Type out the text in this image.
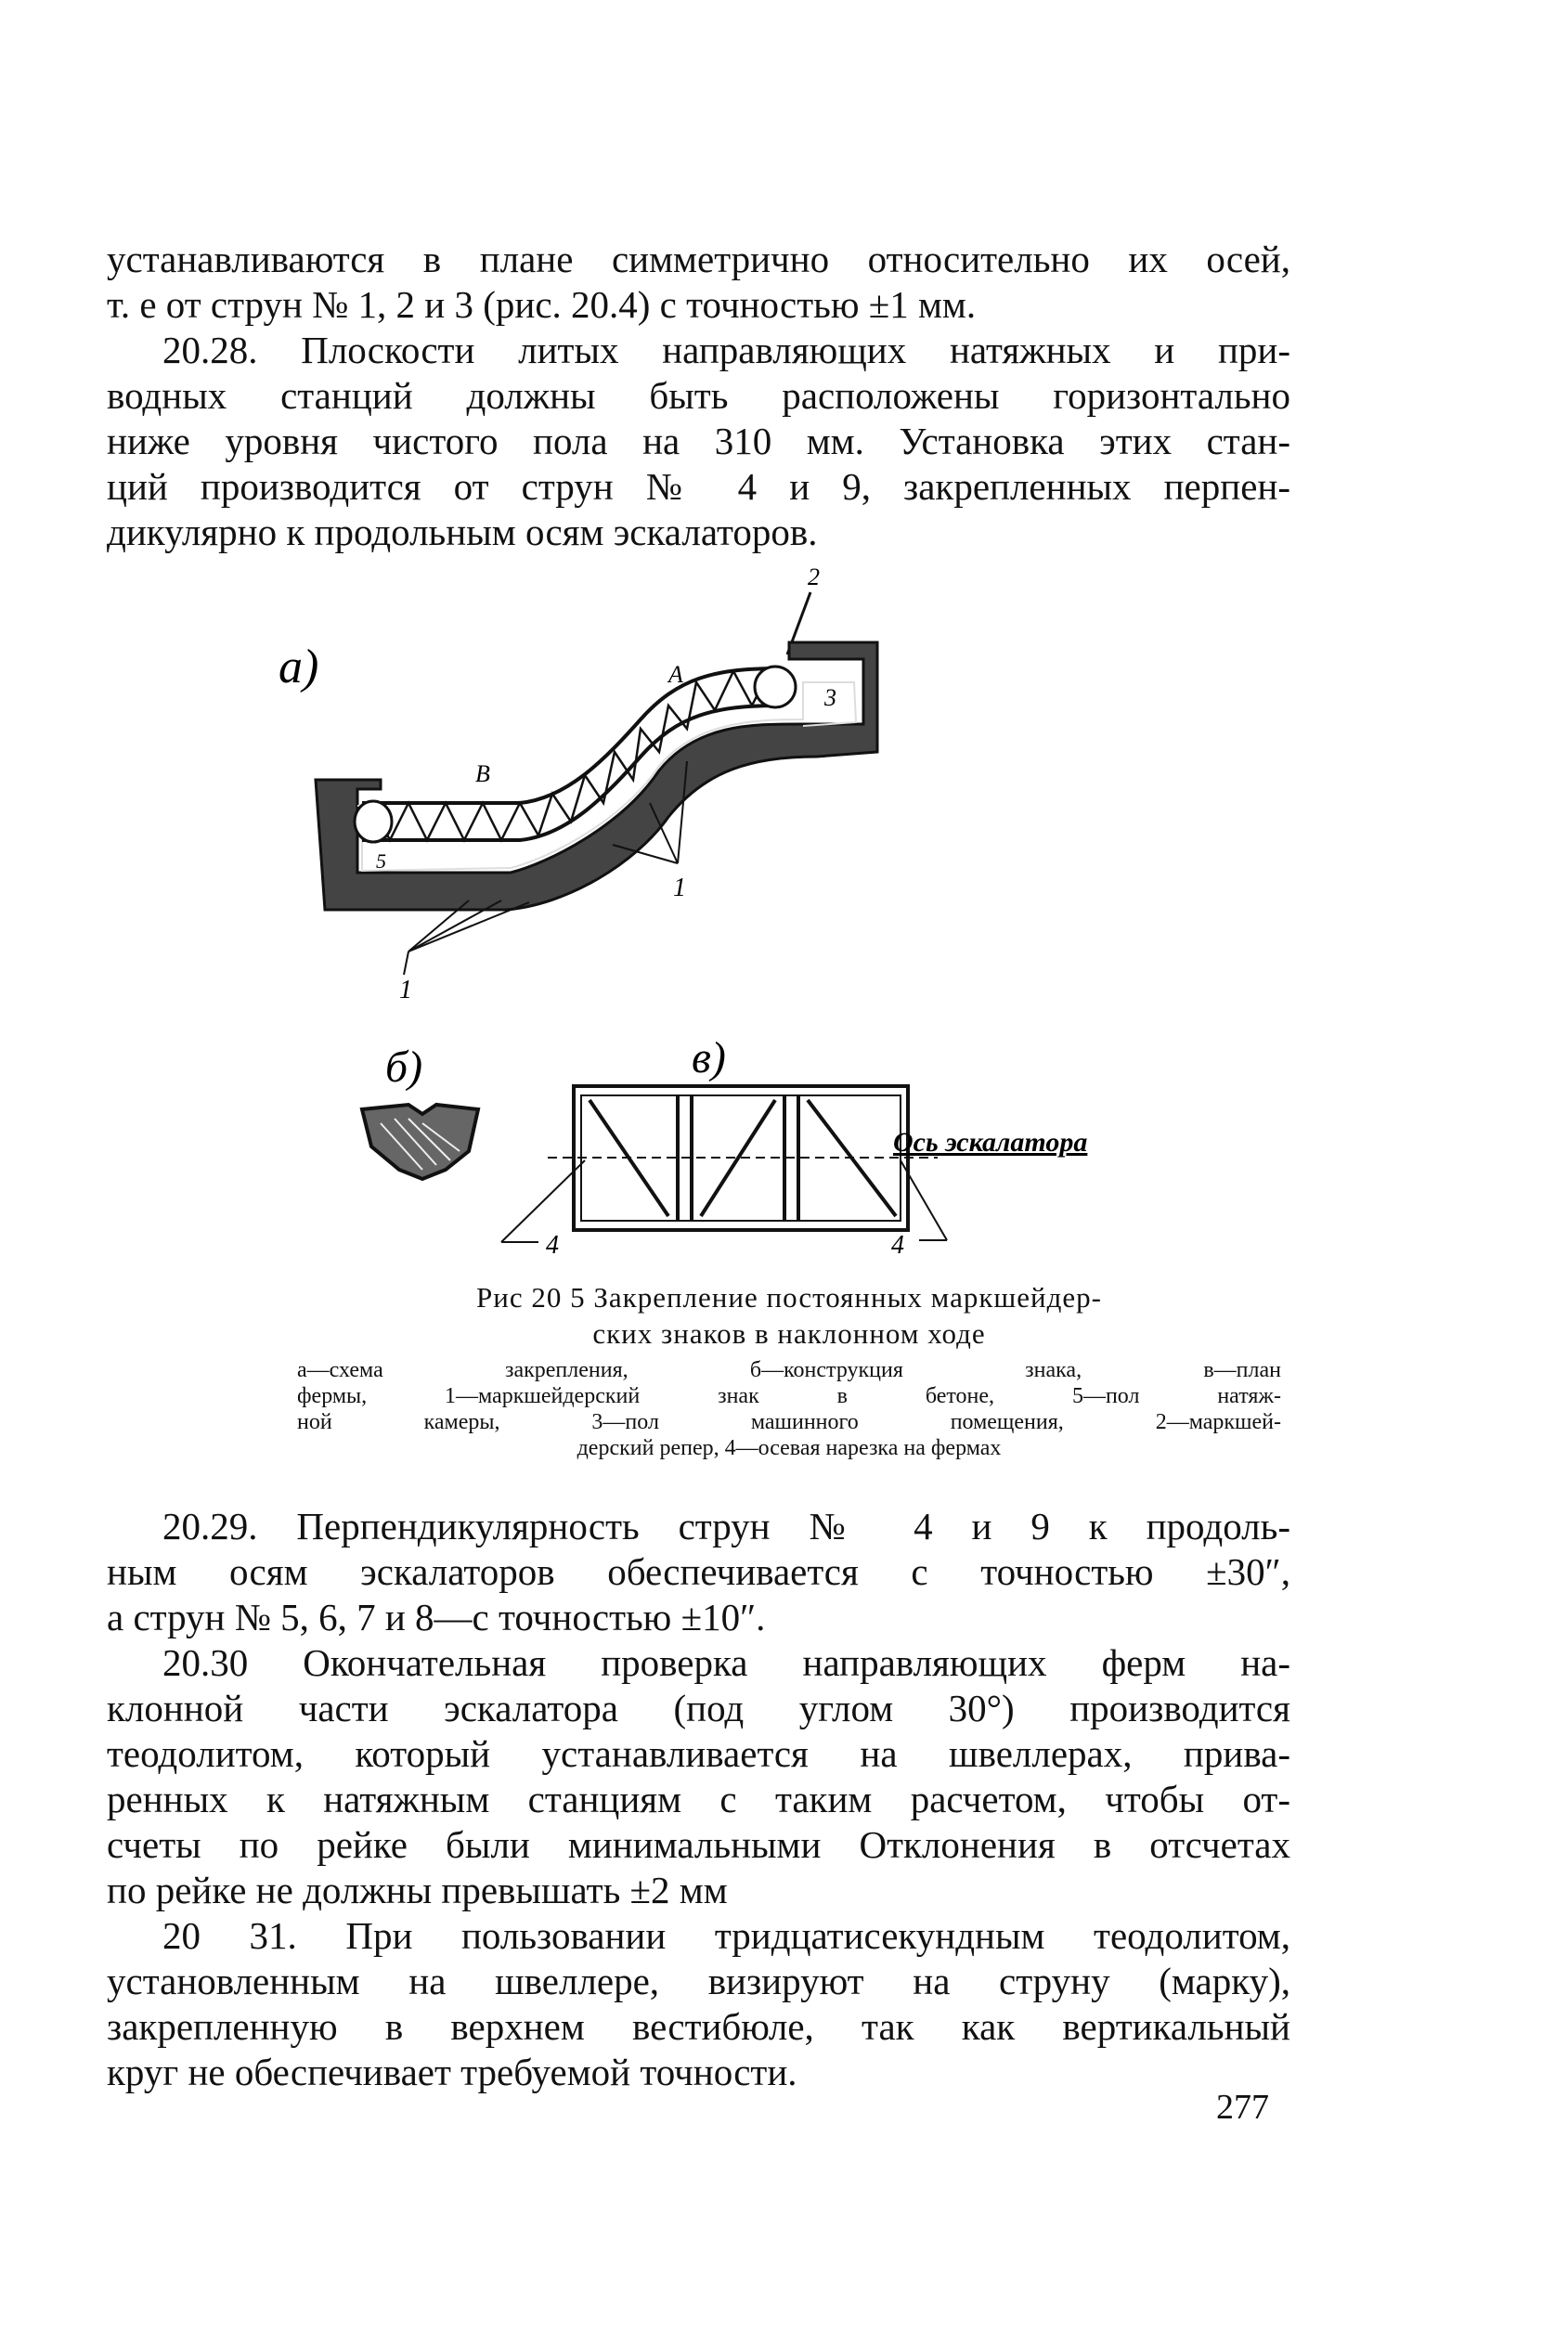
устанавливаются в плане симметрично относительно их осей,
т. е от струн № 1, 2 и 3 (рис. 20.4) с точностью ±1 мм.
20.28. Плоскости литых направляющих натяжных и при-
водных станций должны быть расположены горизонтально
ниже уровня чистого пола на 310 мм. Установка этих стан-
ций производится от струн № 4 и 9, закрепленных перпен-
дикулярно к продольным осям эскалаторов.
а)
2
А
В
3
5
1
1
б)	в)
Ось эскалатора
4	4
Рис 20 5 Закрепление постоянных маркшейдер-
ских знаков в наклонном ходе
а—схема закрепления, б—конструкция знака, в—план
фермы, 1—маркшейдерский знак в бетоне, 5—пол натяж-
ной камеры, 3—пол машинного помещения, 2—маркшей-
дерский репер, 4—осевая нарезка на фермах
20.29. Перпендикулярность струн № 4 и 9 к продоль-
ным осям эскалаторов обеспечивается с точностью ±30″,
а струн № 5, 6, 7 и 8—с точностью ±10″.
20.30 Окончательная проверка направляющих ферм на-
клонной части эскалатора (под углом 30°) производится
теодолитом, который устанавливается на швеллерах, прива-
ренных к натяжным станциям с таким расчетом, чтобы от-
счеты по рейке были минимальными Отклонения в отсчетах
по рейке не должны превышать ±2 мм
20 31. При пользовании тридцатисекундным теодолитом,
установленным на швеллере, визируют на струну (марку),
закрепленную в верхнем вестибюле, так как вертикальный
круг не обеспечивает требуемой точности.
277
